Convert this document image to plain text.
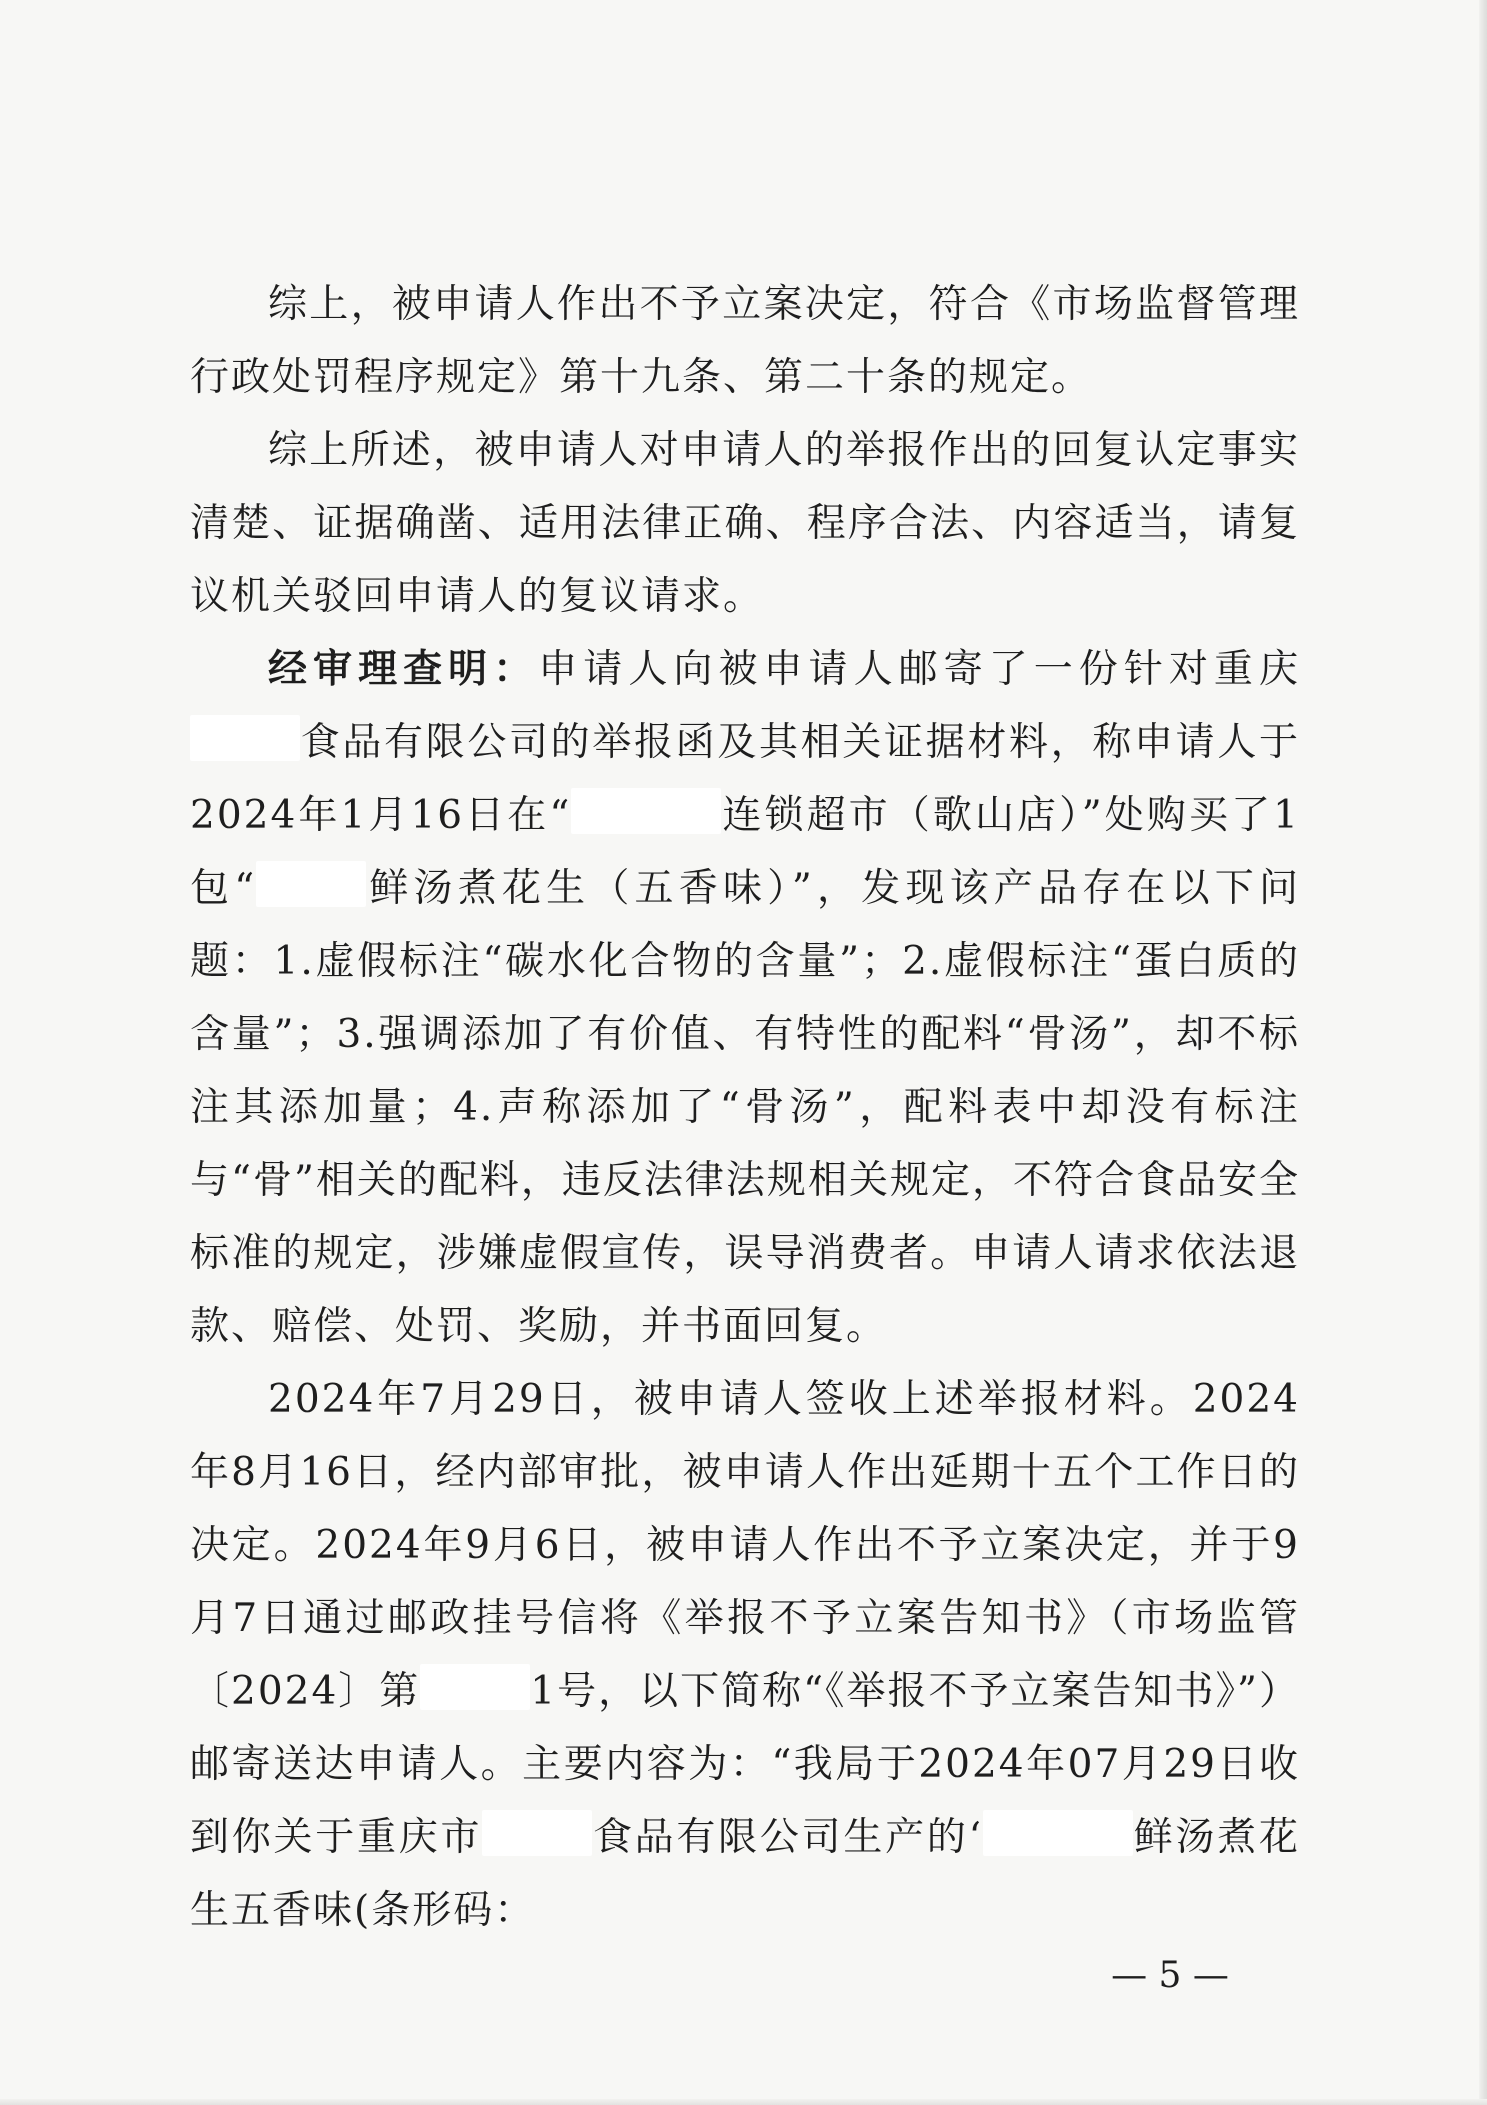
综上，被申请人作出不予立案决定，符合《市场监督管理行政处罚程序规定》第十九条、第二十条的规定。

综上所述，被申请人对申请人的举报作出的回复认定事实清楚、证据确凿、适用法律正确、程序合法、内容适当，请复议机关驳回申请人的复议请求。

经审理查明：申请人向被申请人邮寄了一份针对重庆食品有限公司的举报函及其相关证据材料，称申请人于2024年1月16日在“	连锁超市（歌山店）”处购买了1包“	鲜汤煮花生（五香味）”，发现该产品存在以下问题：1.虚假标注“碳水化合物的含量”；2.虚假标注“蛋白质的含量”；3.强调添加了有价值、有特性的配料“骨汤”，却不标注其添加量；4.声称添加了“骨汤”，配料表中却没有标注与“骨”相关的配料，违反法律法规相关规定，不符合食品安全标准的规定，涉嫌虚假宣传，误导消费者。申请人请求依法退款、赔偿、处罚、奖励，并书面回复。

2024年7月29日，被申请人签收上述举报材料。2024年8月16日，经内部审批，被申请人作出延期十五个工作日的决定。2024年9月6日，被申请人作出不予立案决定，并于9月7日通过邮政挂号信将《举报不予立案告知书》（市场监管〔2024〕第	1号，以下简称“《举报不予立案告知书》”）邮寄送达申请人。主要内容为：“我局于2024年07月29日收到你关于重庆市	食品有限公司生产的‘	鲜汤煮花生五香味(条形码：

— 5 —
